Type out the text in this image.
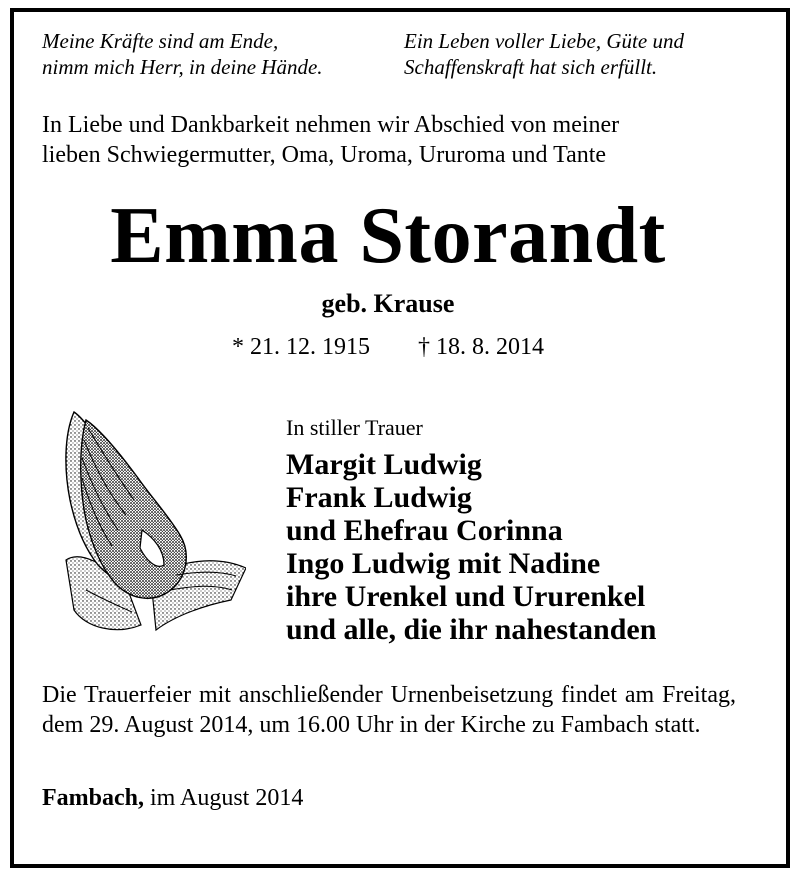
Meine Kräfte sind am Ende,
nimm mich Herr, in deine Hände.
Ein Leben voller Liebe, Güte und
Schaffenskraft hat sich erfüllt.
In Liebe und Dankbarkeit nehmen wir Abschied von meiner
lieben Schwiegermutter, Oma, Uroma, Ururoma und Tante
Emma Storandt
geb. Krause
* 21. 12. 1915 † 18. 8. 2014
In stiller Trauer
Margit Ludwig
Frank Ludwig
und Ehefrau Corinna
Ingo Ludwig mit Nadine
ihre Urenkel und Ururenkel
und alle, die ihr nahestanden
Die Trauerfeier mit anschließender Urnenbeisetzung findet am Freitag, dem 29. August 2014, um 16.00 Uhr in der Kirche zu Fambach statt.
Fambach, im August 2014
